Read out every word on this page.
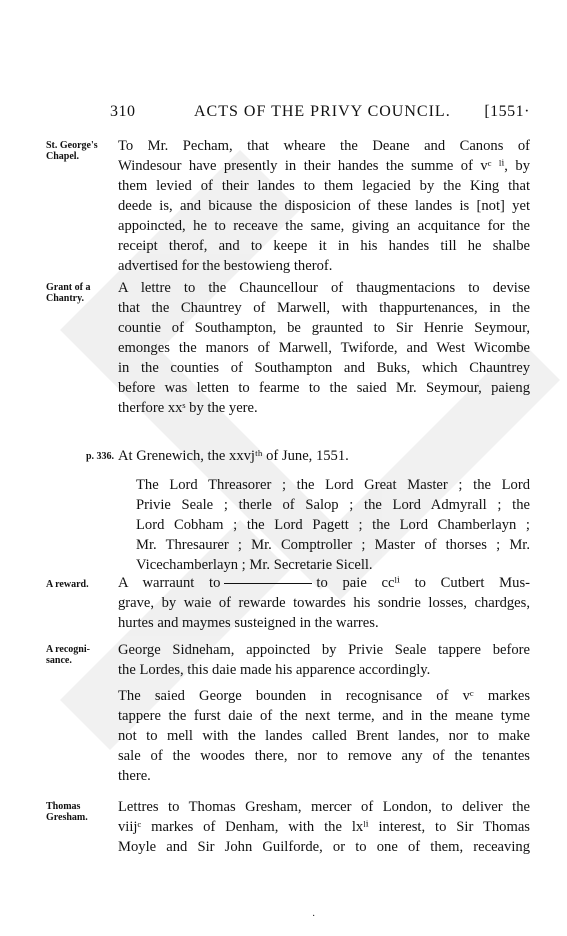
310	ACTS OF THE PRIVY COUNCIL. [1551·
St. George's
Chapel.
To Mr. Pecham, that wheare the Deane and Canons of
Windesour have presently in their handes the summe of vᶜ ˡⁱ, by
them levied of their landes to them legacied by the King that
deede is, and bicause the disposicion of these landes is [not] yet
appoincted, he to receave the same, giving an acquitance for the
receipt therof, and to keepe it in his handes till he shalbe
advertised for the bestowieng therof.
Grant of a
Chantry.
A lettre to the Chauncellour of thaugmentacions to devise
that the Chauntrey of Marwell, with thappurtenances, in the
countie of Southampton, be graunted to Sir Henrie Seymour,
emonges the manors of Marwell, Twiforde, and West Wicombe
in the counties of Southampton and Buks, which Chauntrey
before was letten to fearme to the saied Mr. Seymour, paieng
therfore xxˢ by the yere.
p. 336. At Grenewich, the xxvjᵗʰ of June, 1551.
The Lord Threasorer ; the Lord Great Master ; the Lord
Privie Seale ; therle of Salop ; the Lord Admyrall ; the
Lord Cobham ; the Lord Pagett ; the Lord Chamberlayn ;
Mr. Thresaurer ; Mr. Comptroller ; Master of thorses ; Mr.
Vicechamberlayn ; Mr. Secretarie Sicell.
A reward.	A warraunt to	to paie ccˡⁱ to Cutbert Mus-
grave, by waie of rewarde towardes his sondrie losses, chardges,
hurtes and maymes susteigned in the warres.
A recogni-
sance.
George Sidneham, appoincted by Privie Seale tappere before
the Lordes, this daie made his apparence accordingly.
The saied George bounden in recognisance of vᶜ markes
tappere the furst daie of the next terme, and in the meane tyme
not to mell with the landes called Brent landes, nor to make
sale of the woodes there, nor to remove any of the tenantes
there.
Thomas
Gresham.
Lettres to Thomas Gresham, mercer of London, to deliver the
viijᶜ markes of Denham, with the lxˡⁱ interest, to Sir Thomas
Moyle and Sir John Guilforde, or to one of them, receaving
·
